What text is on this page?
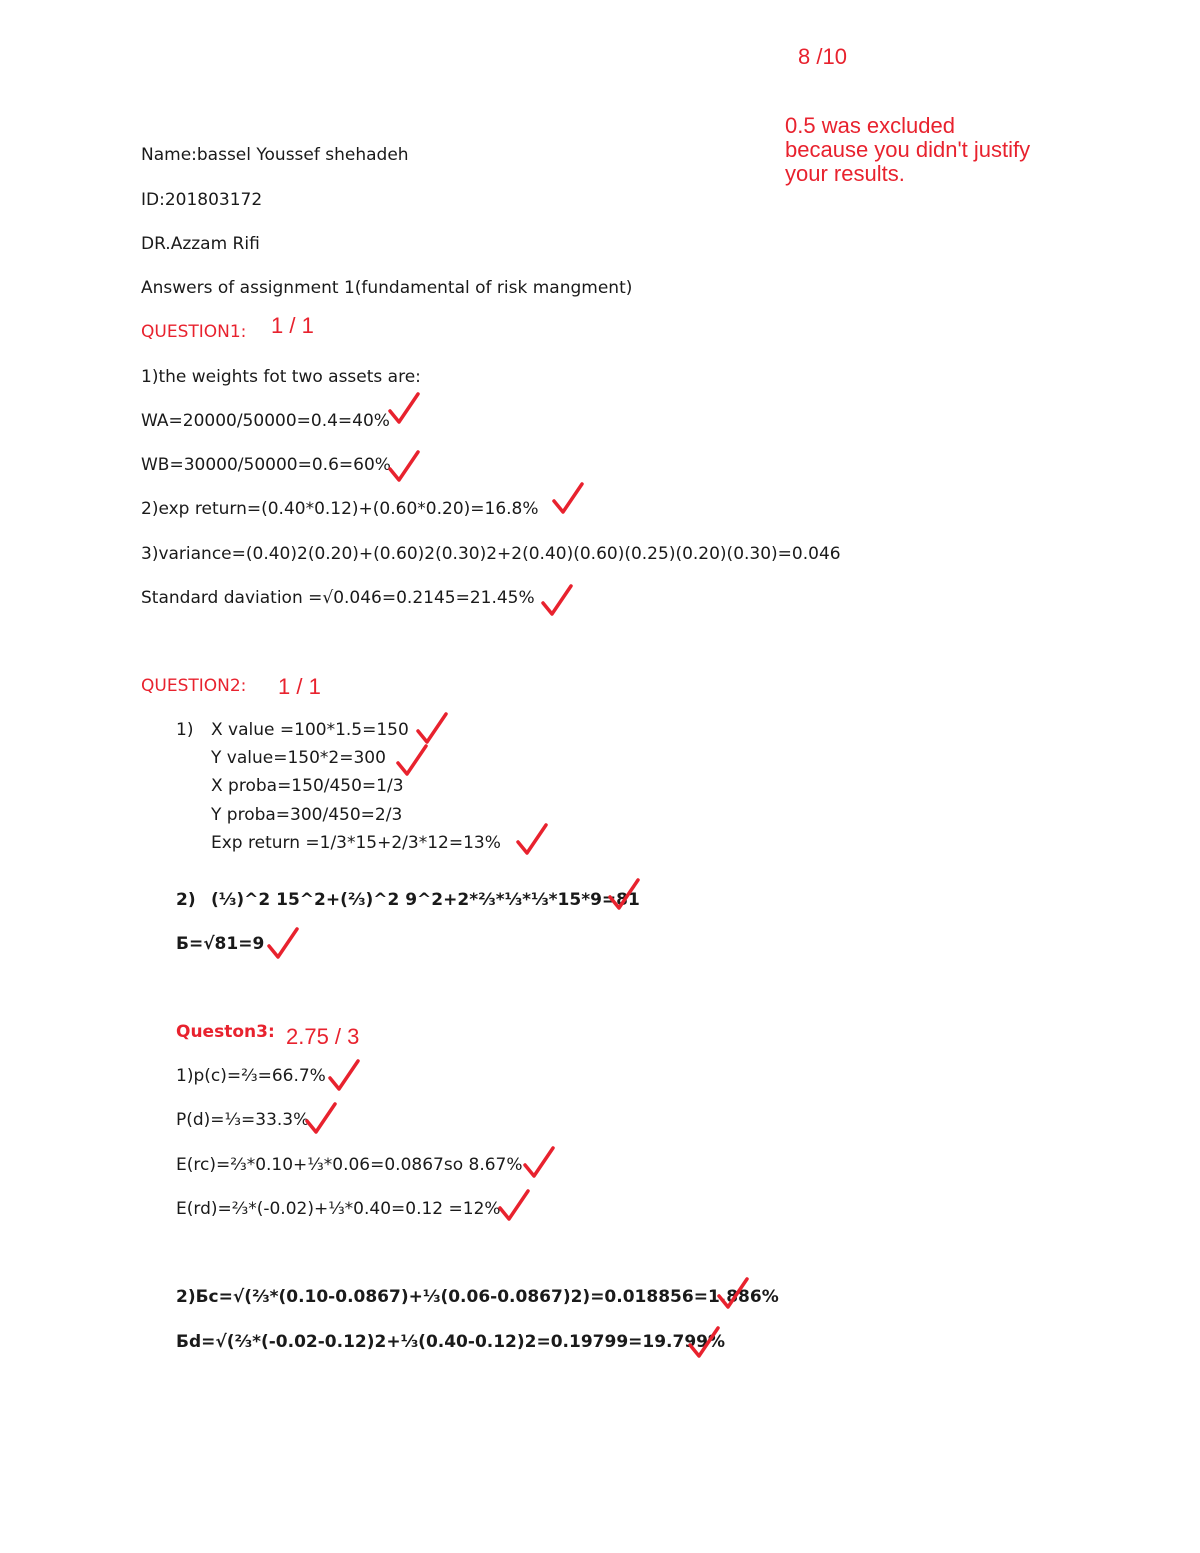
8 /10
0.5 was excluded
because you didn't justify
your results.
Name:bassel Youssef shehadeh
ID:201803172
DR.Azzam Rifi
Answers of assignment 1(fundamental of risk mangment)
QUESTION1: 1 / 1
1)the weights fot two assets are:
WA=20000/50000=0.4=40%
WB=30000/50000=0.6=60%
2)exp return=(0.40*0.12)+(0.60*0.20)=16.8%
3)variance=(0.40)2(0.20)+(0.60)2(0.30)2+2(0.40)(0.60)(0.25)(0.20)(0.30)=0.046
Standard daviation =√0.046=0.2145=21.45%
QUESTION2: 1 / 1
1) X value =100*1.5=150
Y value=150*2=300
X proba=150/450=1/3
Y proba=300/450=2/3
Exp return =1/3*15+2/3*12=13%
2) (⅓)^2 15^2+(⅔)^2 9^2+2*⅔*⅓*⅓*15*9=81
Б=√81=9
Queston3: 2.75 / 3
1)p(c)=⅔=66.7%
P(d)=⅓=33.3%
E(rc)=⅔*0.10+⅓*0.06=0.0867so 8.67%
E(rd)=⅔*(-0.02)+⅓*0.40=0.12 =12%
2)Бc=√(⅔*(0.10-0.0867)+⅓(0.06-0.0867)2)=0.018856=1.886%
Бd=√(⅔*(-0.02-0.12)2+⅓(0.40-0.12)2=0.19799=19.799%
